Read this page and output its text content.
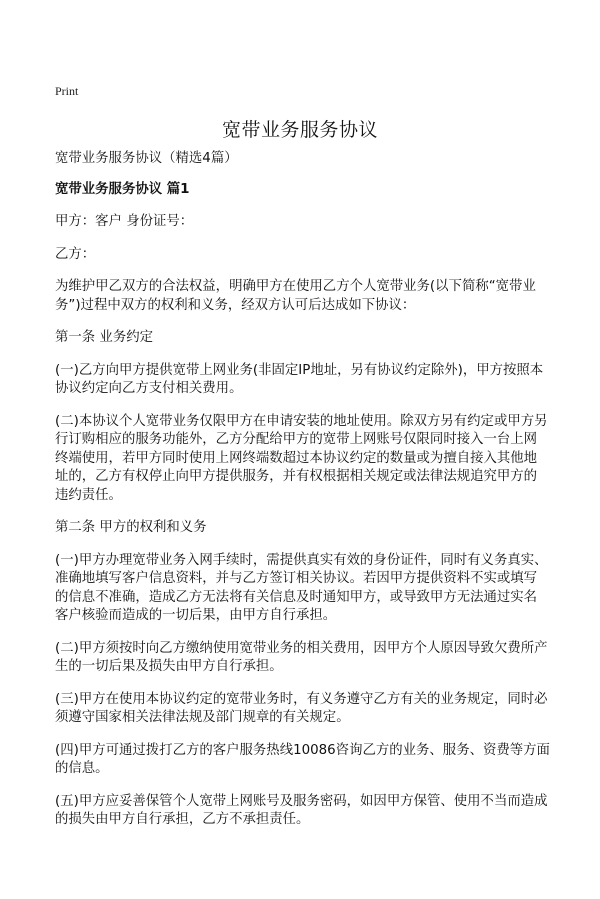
Print
宽带业务服务协议

宽带业务服务协议（精选4篇）

宽带业务服务协议 篇1

甲方：客户 身份证号：

乙方：

为维护甲乙双方的合法权益，明确甲方在使用乙方个人宽带业务(以下简称“宽带业务”)过程中双方的权利和义务，经双方认可后达成如下协议：

第一条 业务约定

(一)乙方向甲方提供宽带上网业务(非固定IP地址，另有协议约定除外)，甲方按照本协议约定向乙方支付相关费用。

(二)本协议个人宽带业务仅限甲方在申请安装的地址使用。除双方另有约定或甲方另行订购相应的服务功能外，乙方分配给甲方的宽带上网账号仅限同时接入一台上网终端使用，若甲方同时使用上网终端数超过本协议约定的数量或为擅自接入其他地址的，乙方有权停止向甲方提供服务，并有权根据相关规定或法律法规追究甲方的违约责任。

第二条 甲方的权利和义务

(一)甲方办理宽带业务入网手续时，需提供真实有效的身份证件，同时有义务真实、准确地填写客户信息资料，并与乙方签订相关协议。若因甲方提供资料不实或填写的信息不准确，造成乙方无法将有关信息及时通知甲方，或导致甲方无法通过实名客户核验而造成的一切后果，由甲方自行承担。

(二)甲方须按时向乙方缴纳使用宽带业务的相关费用，因甲方个人原因导致欠费所产生的一切后果及损失由甲方自行承担。

(三)甲方在使用本协议约定的宽带业务时，有义务遵守乙方有关的业务规定，同时必须遵守国家相关法律法规及部门规章的有关规定。

(四)甲方可通过拨打乙方的客户服务热线10086咨询乙方的业务、服务、资费等方面的信息。

(五)甲方应妥善保管个人宽带上网账号及服务密码，如因甲方保管、使用不当而造成的损失由甲方自行承担，乙方不承担责任。
